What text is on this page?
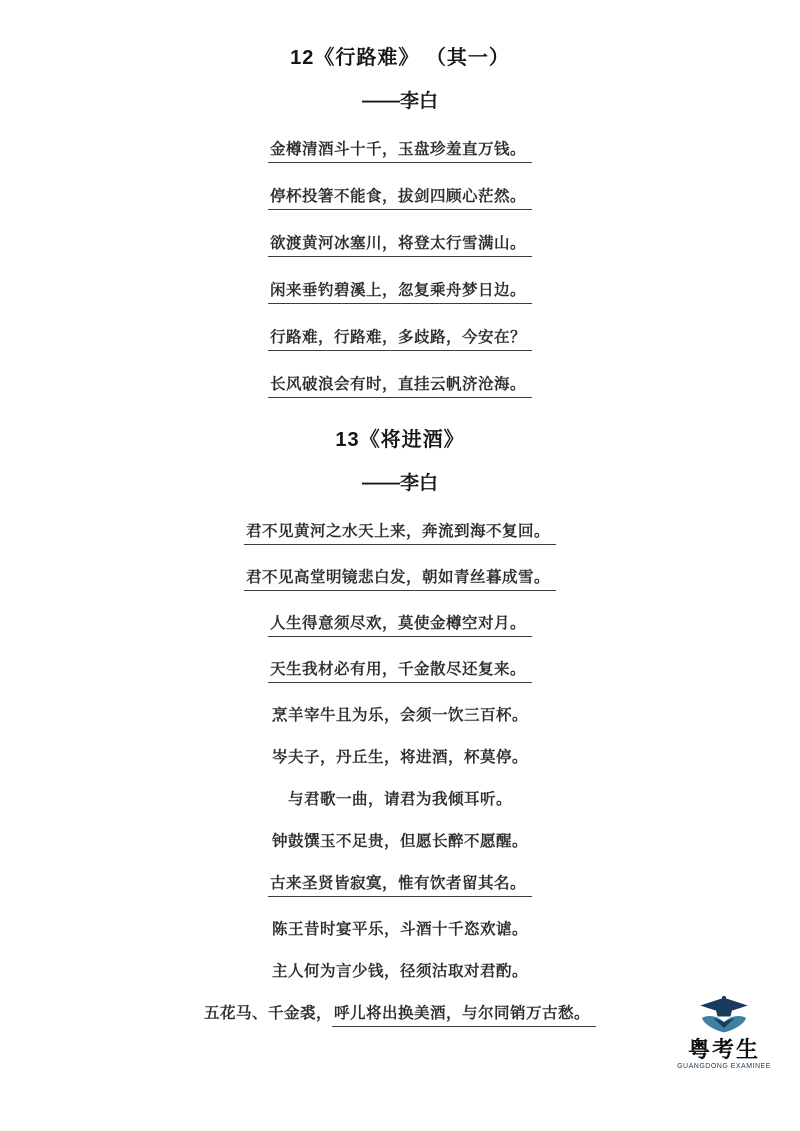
12《行路难》 （其一）
——李白
金樽清酒斗十千，玉盘珍羞直万钱。
停杯投箸不能食，拔剑四顾心茫然。
欲渡黄河冰塞川，将登太行雪满山。
闲来垂钓碧溪上，忽复乘舟梦日边。
行路难，行路难，多歧路，今安在？
长风破浪会有时，直挂云帆济沧海。
13《将进酒》
——李白
君不见黄河之水天上来，奔流到海不复回。
君不见高堂明镜悲白发，朝如青丝暮成雪。
人生得意须尽欢，莫使金樽空对月。
天生我材必有用，千金散尽还复来。
烹羊宰牛且为乐，会须一饮三百杯。
岑夫子，丹丘生，将进酒，杯莫停。
与君歌一曲，请君为我倾耳听。
钟鼓馔玉不足贵，但愿长醉不愿醒。
古来圣贤皆寂寞，惟有饮者留其名。
陈王昔时宴平乐，斗酒十千恣欢谑。
主人何为言少钱，径须沽取对君酌。
五花马、千金裘， 呼儿将出换美酒，与尔同销万古愁。
粤考生
GUANGDONG EXAMINEE
